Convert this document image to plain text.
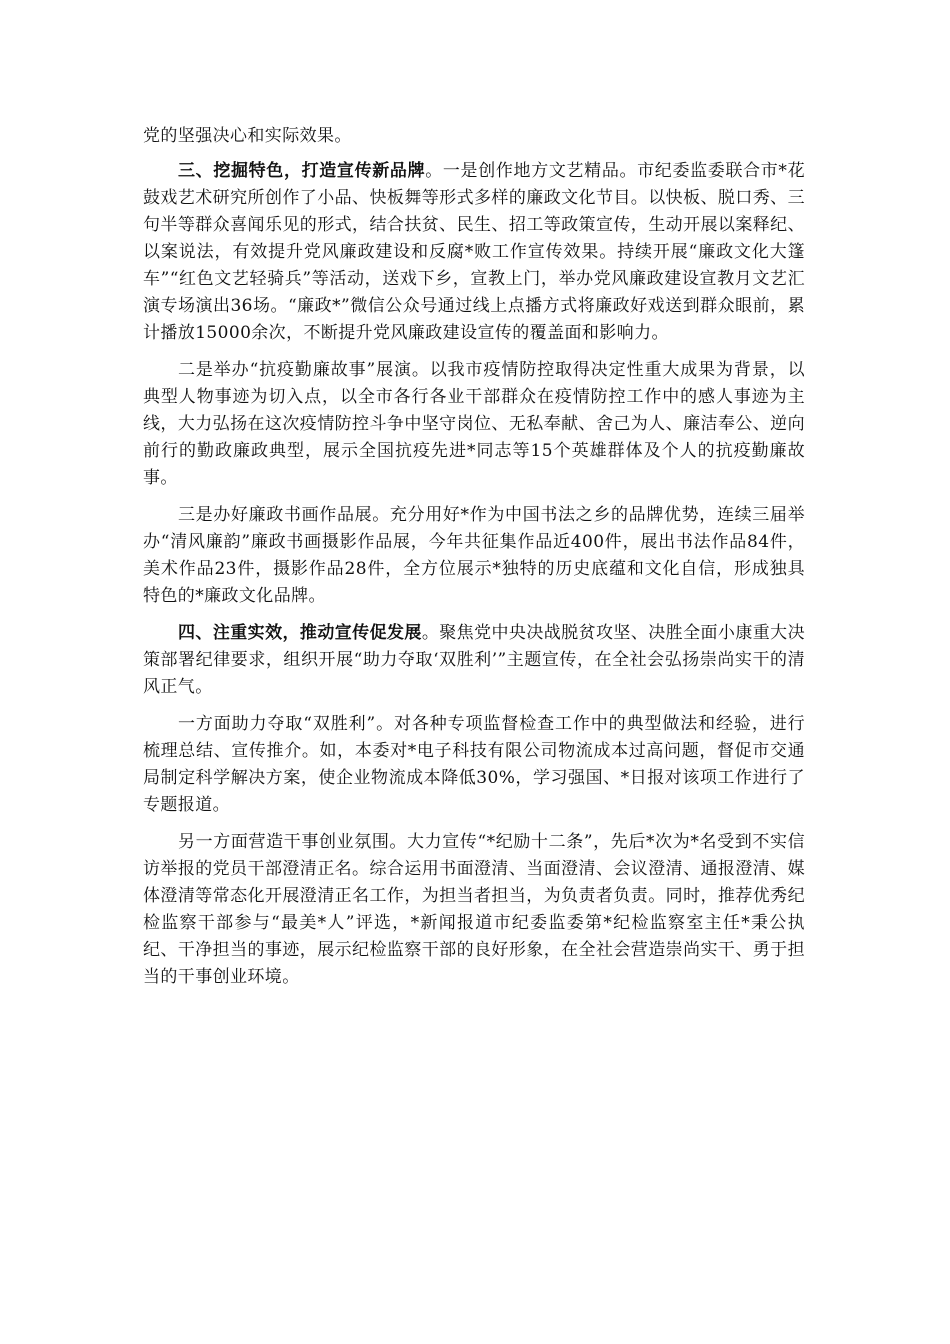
党的坚强决心和实际效果。

三、挖掘特色，打造宣传新品牌。一是创作地方文艺精品。市纪委监委联合市*花鼓戏艺术研究所创作了小品、快板舞等形式多样的廉政文化节目。以快板、脱口秀、三句半等群众喜闻乐见的形式，结合扶贫、民生、招工等政策宣传，生动开展以案释纪、以案说法，有效提升党风廉政建设和反腐*败工作宣传效果。持续开展“廉政文化大篷车”“红色文艺轻骑兵”等活动，送戏下乡，宣教上门，举办党风廉政建设宣教月文艺汇演专场演出36场。“廉政*”微信公众号通过线上点播方式将廉政好戏送到群众眼前，累计播放15000余次，不断提升党风廉政建设宣传的覆盖面和影响力。

二是举办“抗疫勤廉故事”展演。以我市疫情防控取得决定性重大成果为背景，以典型人物事迹为切入点，以全市各行各业干部群众在疫情防控工作中的感人事迹为主线，大力弘扬在这次疫情防控斗争中坚守岗位、无私奉献、舍己为人、廉洁奉公、逆向前行的勤政廉政典型，展示全国抗疫先进*同志等15个英雄群体及个人的抗疫勤廉故事。

三是办好廉政书画作品展。充分用好*作为中国书法之乡的品牌优势，连续三届举办“清风廉韵”廉政书画摄影作品展，今年共征集作品近400件，展出书法作品84件，美术作品23件，摄影作品28件，全方位展示*独特的历史底蕴和文化自信，形成独具特色的*廉政文化品牌。

四、注重实效，推动宣传促发展。聚焦党中央决战脱贫攻坚、决胜全面小康重大决策部署纪律要求，组织开展“助力夺取‘双胜利’”主题宣传，在全社会弘扬崇尚实干的清风正气。

一方面助力夺取“双胜利”。对各种专项监督检查工作中的典型做法和经验，进行梳理总结、宣传推介。如，本委对*电子科技有限公司物流成本过高问题，督促市交通局制定科学解决方案，使企业物流成本降低30%，学习强国、*日报对该项工作进行了专题报道。

另一方面营造干事创业氛围。大力宣传“*纪励十二条”，先后*次为*名受到不实信访举报的党员干部澄清正名。综合运用书面澄清、当面澄清、会议澄清、通报澄清、媒体澄清等常态化开展澄清正名工作，为担当者担当，为负责者负责。同时，推荐优秀纪检监察干部参与“最美*人”评选，*新闻报道市纪委监委第*纪检监察室主任*秉公执纪、干净担当的事迹，展示纪检监察干部的良好形象，在全社会营造崇尚实干、勇于担当的干事创业环境。
